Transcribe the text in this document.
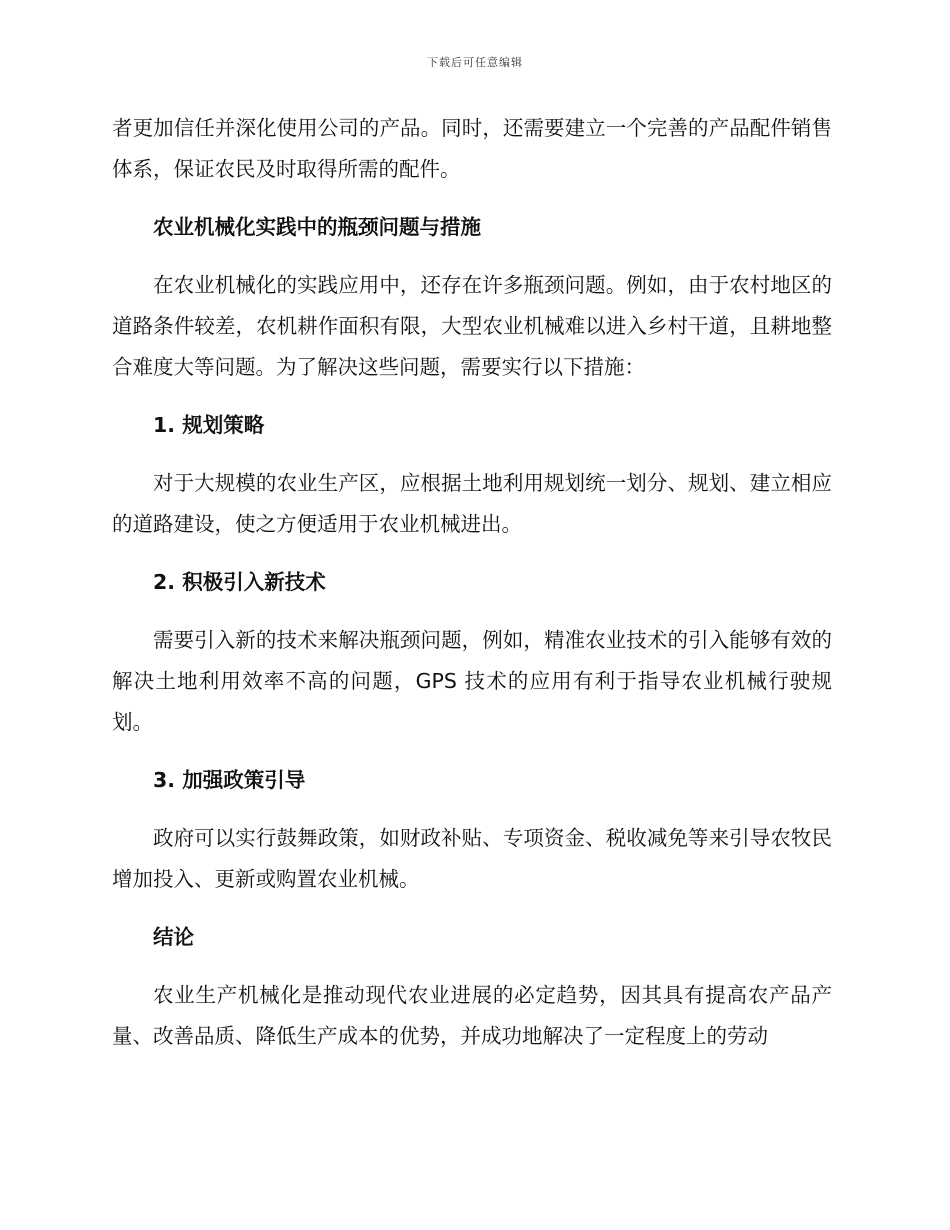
下载后可任意编辑

者更加信任并深化使用公司的产品。同时，还需要建立一个完善的产品配件销售体系，保证农民及时取得所需的配件。

农业机械化实践中的瓶颈问题与措施

在农业机械化的实践应用中，还存在许多瓶颈问题。例如，由于农村地区的道路条件较差，农机耕作面积有限，大型农业机械难以进入乡村干道，且耕地整合难度大等问题。为了解决这些问题，需要实行以下措施：

1. 规划策略

对于大规模的农业生产区，应根据土地利用规划统一划分、规划、建立相应的道路建设，使之方便适用于农业机械进出。

2. 积极引入新技术

需要引入新的技术来解决瓶颈问题，例如，精准农业技术的引入能够有效的解决土地利用效率不高的问题，GPS 技术的应用有利于指导农业机械行驶规划。

3. 加强政策引导

政府可以实行鼓舞政策，如财政补贴、专项资金、税收减免等来引导农牧民增加投入、更新或购置农业机械。

结论

农业生产机械化是推动现代农业进展的必定趋势，因其具有提高农产品产量、改善品质、降低生产成本的优势，并成功地解决了一定程度上的劳动
